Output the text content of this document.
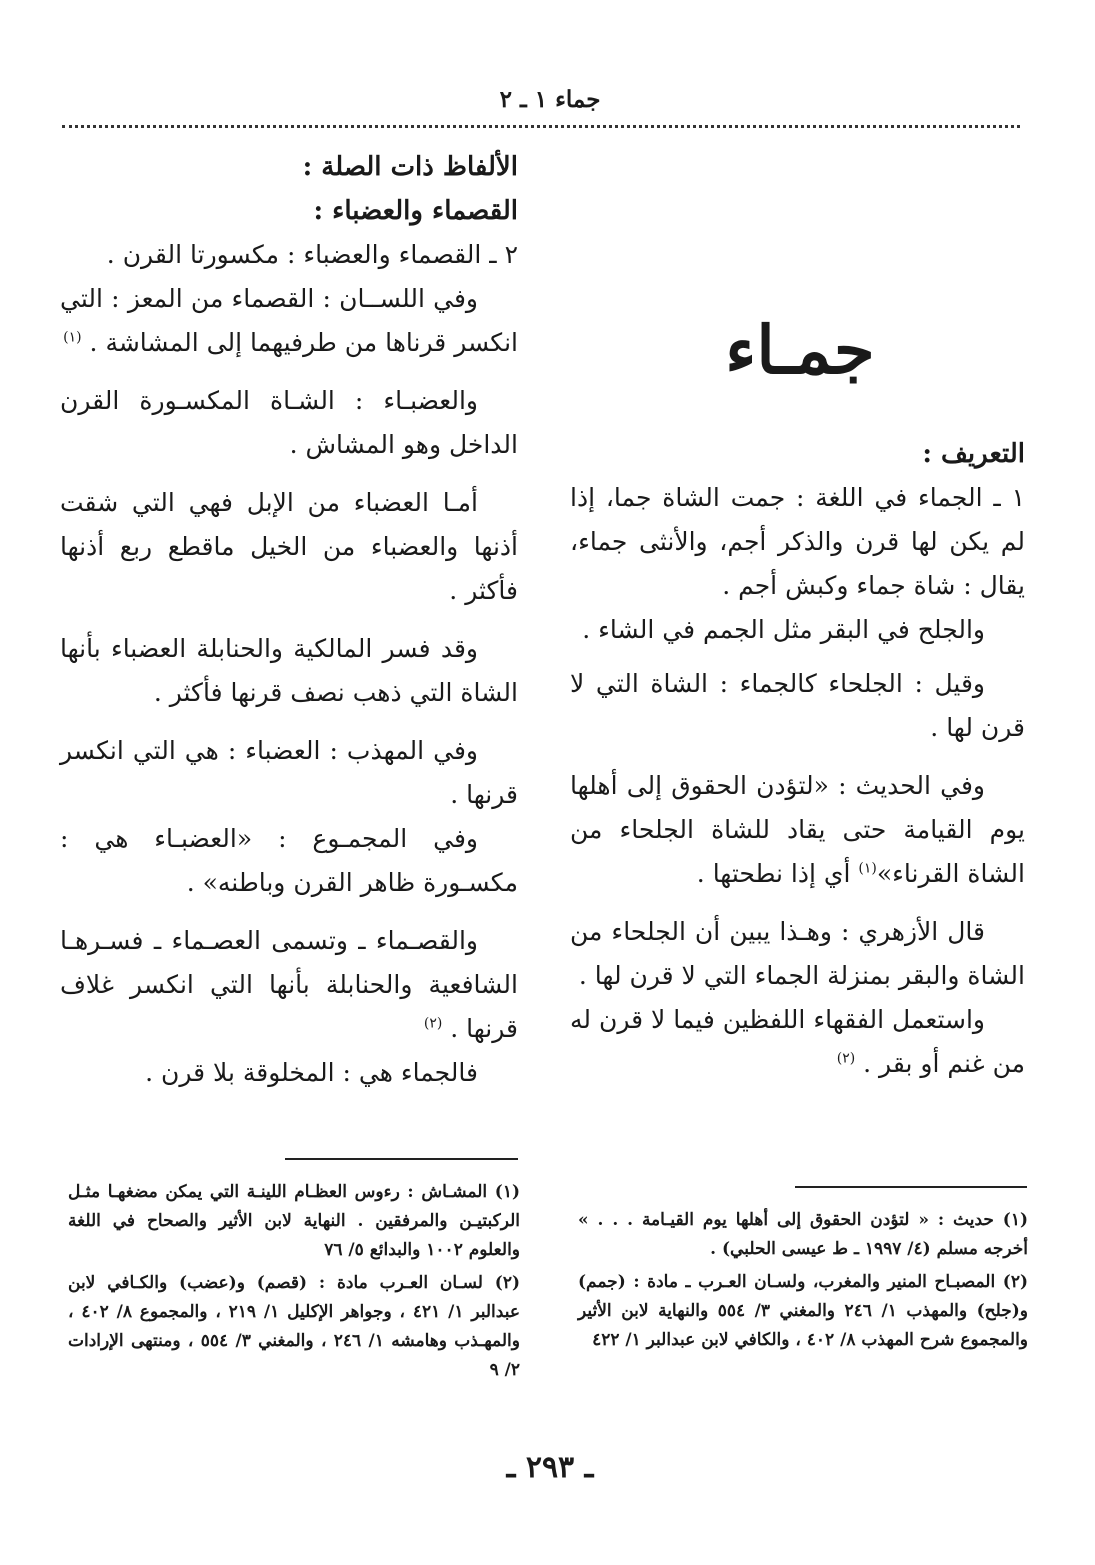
جماء ١ ـ ٢

الألفاظ ذات الصلة :

القصماء والعضباء :

٢ ـ القصماء والعضباء : مكسورتا القرن .

وفي اللســان : القصماء من المعز : التي انكسر قرناها من طرفيهما إلى المشاشة . $^{(١)}$

والعضبـاء : الشـاة المكسـورة القرن الداخل وهو المشاش .

أمـا العضباء من الإبل فهي التي شقت أذنها والعضباء من الخيل ماقطع ربع أذنها فأكثر .

وقد فسر المالكية والحنابلة العضباء بأنها الشاة التي ذهب نصف قرنها فأكثر .

وفي المهذب : العضباء : هي التي انكسر قرنها .

وفي المجمـوع : «العضبـاء هي : مكسـورة ظاهر القرن وباطنه» .

والقصـماء ـ وتسمى العصـماء ـ فسـرهـا الشافعية والحنابلة بأنها التي انكسر غلاف قرنها . $^{(٢)}$

فالجماء هي : المخلوقة بلا قرن .

(١) المشـاش : رءوس العظـام اللينـة التي يمكن مضغهـا مثـل الركبتيـن والمرفقين . النهاية لابن الأثير والصحاح في اللغة والعلوم ١٠٠٢ والبدائع ٥/ ٧٦

(٢) لسـان العـرب مادة : (قصم) و(عضب) والكـافي لابن عبدالبر ١/ ٤٢١ ، وجواهر الإكليل ١/ ٢١٩ ، والمجموع ٨/ ٤٠٢ ، والمهـذب وهامشه ١/ ٢٤٦ ، والمغني ٣/ ٥٥٤ ، ومنتهى الإرادات ٢/ ٩

جمـاء

التعريف :

١ ـ الجماء في اللغة : جمت الشاة جما، إذا لم يكن لها قرن والذكر أجم، والأنثى جماء، يقال : شاة جماء وكبش أجم .

والجلح في البقر مثل الجمم في الشاء .

وقيل : الجلحاء كالجماء : الشاة التي لا قرن لها .

وفي الحديث : «لتؤدن الحقوق إلى أهلها يوم القيامة حتى يقاد للشاة الجلحاء من الشاة القرناء»$^{(١)}$ أي إذا نطحتها .

قال الأزهري : وهـذا يبين أن الجلحاء من الشاة والبقر بمنزلة الجماء التي لا قرن لها .

واستعمل الفقهاء اللفظين فيما لا قرن له من غنم أو بقر . $^{(٢)}$

(١) حديث : « لتؤدن الحقوق إلى أهلها يوم القيـامة . . . » أخرجه مسلم (٤/ ١٩٩٧ ـ ط عيسى الحلبي) .

(٢) المصبـاح المنير والمغرب، ولسـان العـرب ـ مادة : (جمم) و(جلح) والمهذب ١/ ٢٤٦ والمغني ٣/ ٥٥٤ والنهاية لابن الأثير والمجموع شرح المهذب ٨/ ٤٠٢ ، والكافي لابن عبدالبر ١/ ٤٢٢

ـ ٢٩٣ ـ
